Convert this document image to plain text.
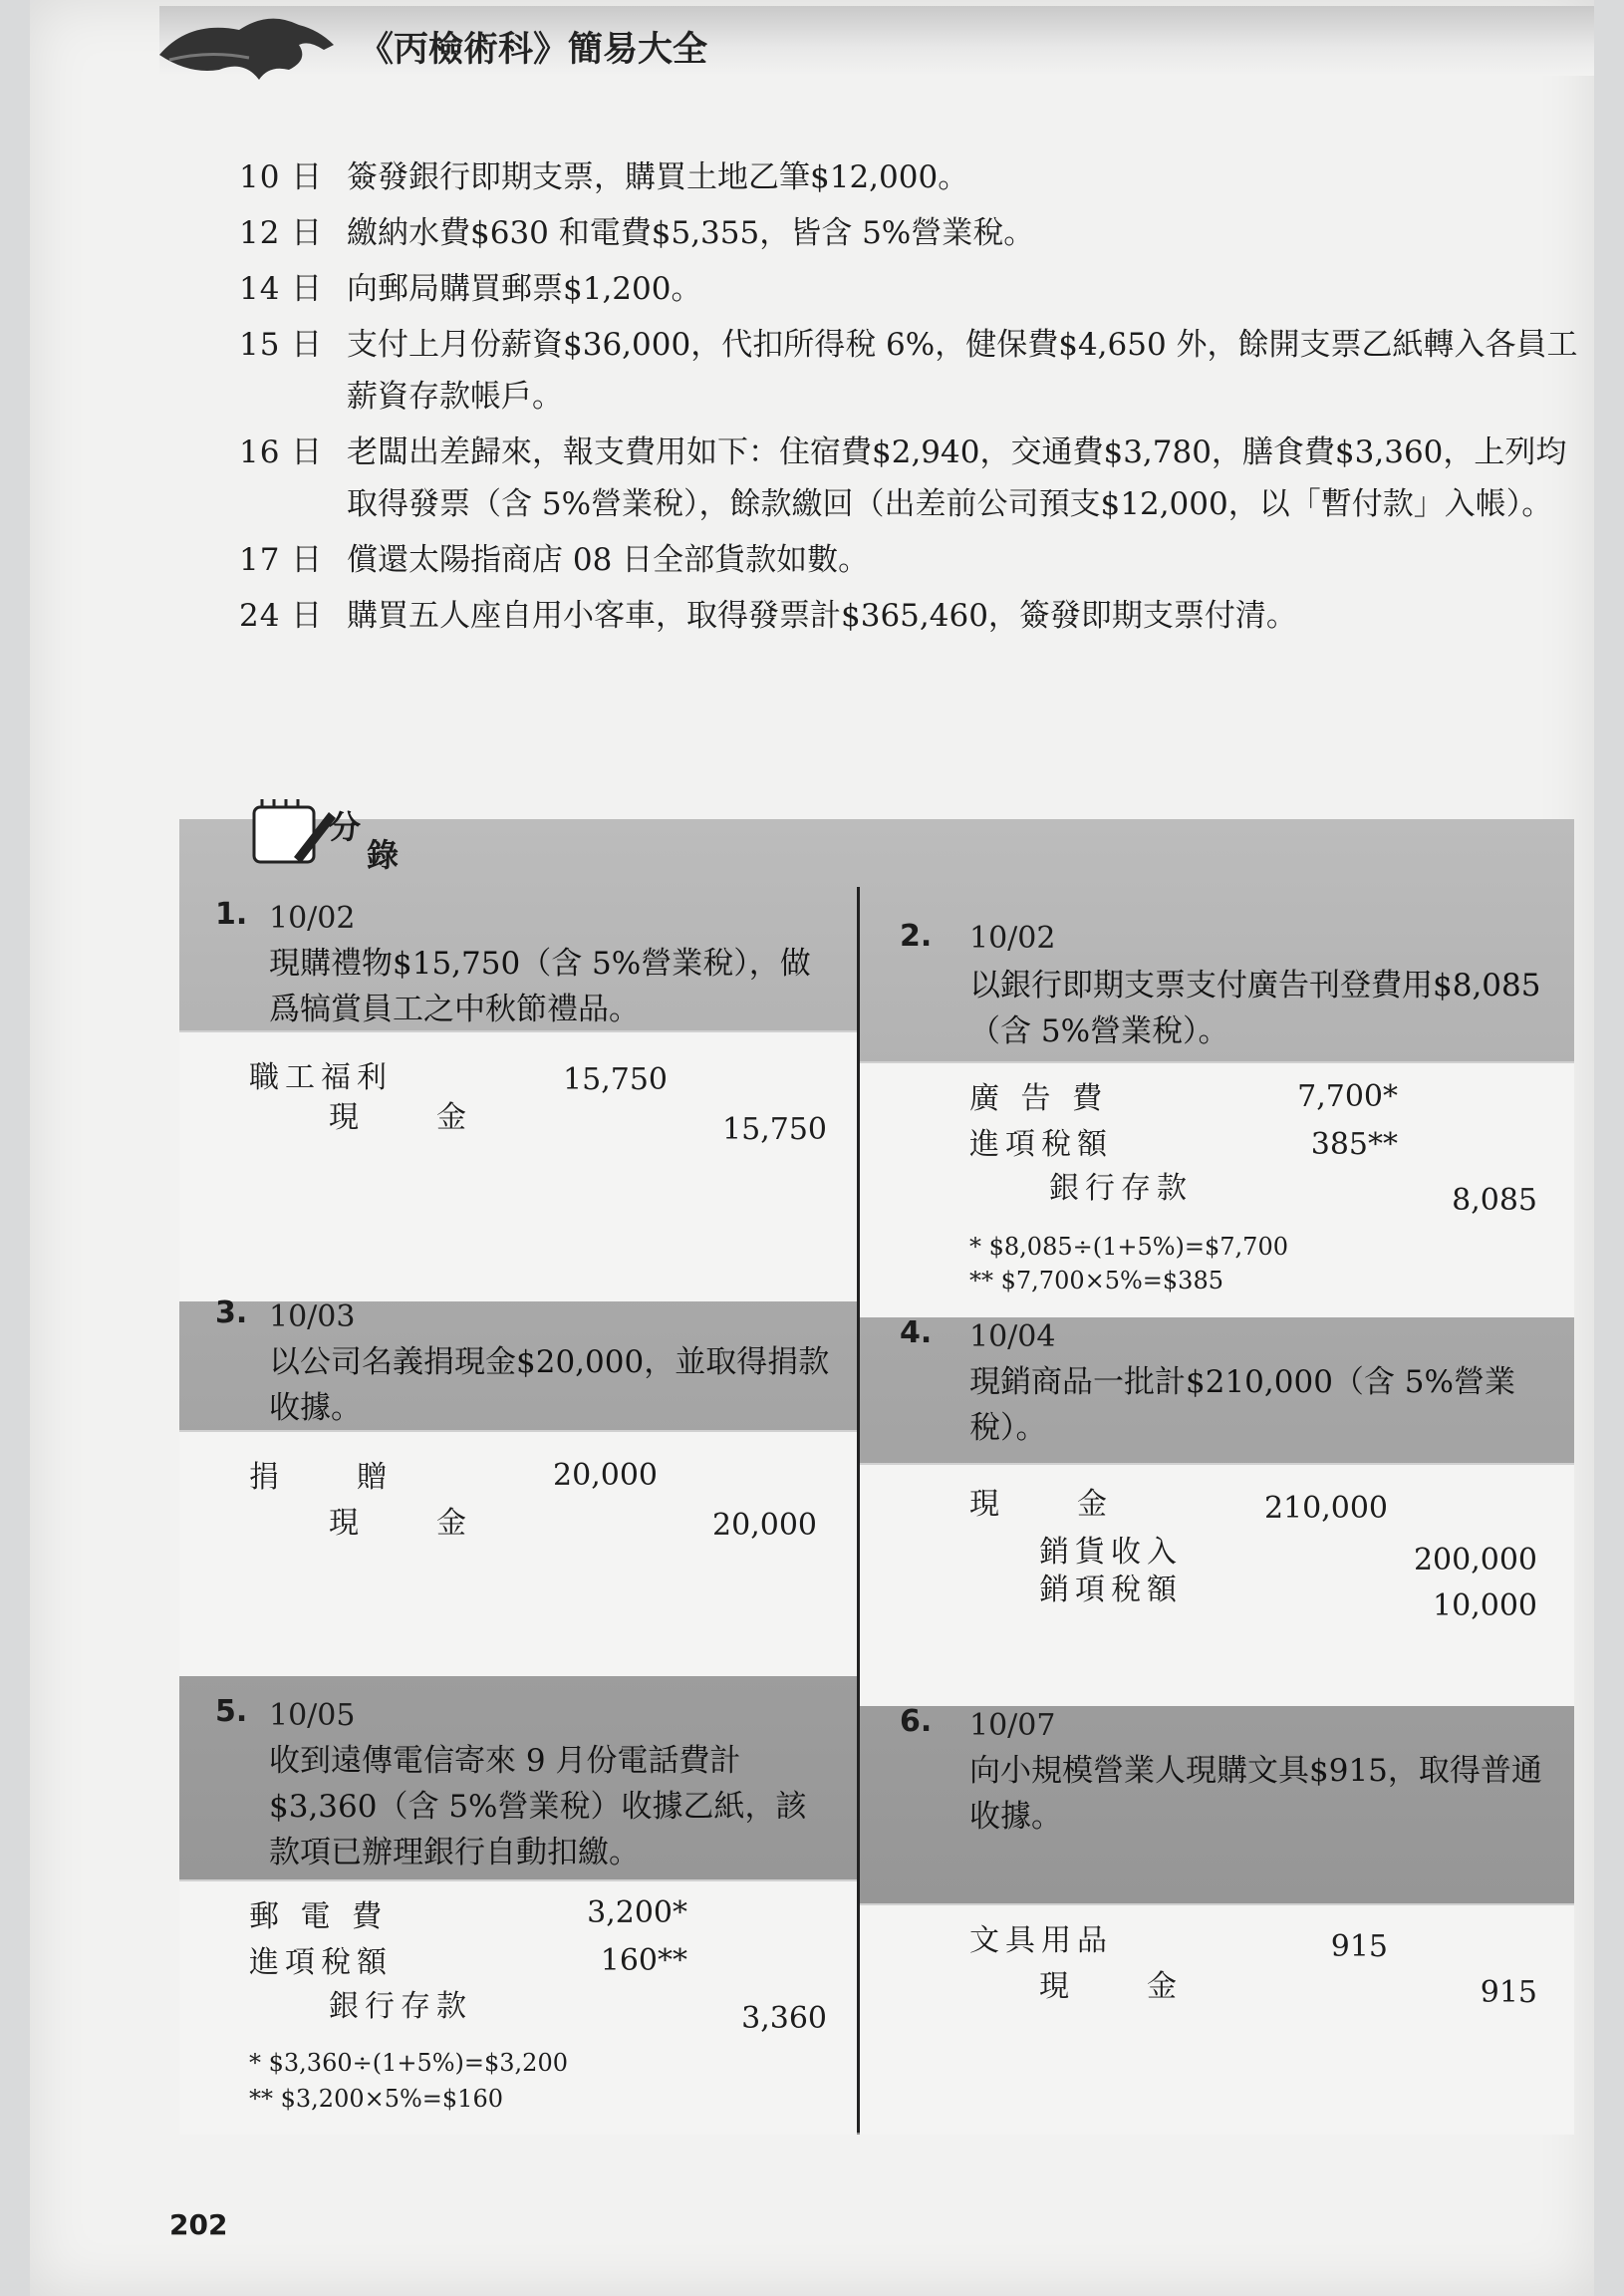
《丙檢術科》簡易大全
10 日 簽發銀行即期支票，購買土地乙筆$12,000。
12 日 繳納水費$630 和電費$5,355，皆含 5%營業稅。
14 日 向郵局購買郵票$1,200。
15 日 支付上月份薪資$36,000，代扣所得稅 6%，健保費$4,650 外，餘開支票乙紙轉入各員工薪資存款帳戶。
16 日 老闆出差歸來，報支費用如下：住宿費$2,940，交通費$3,780，膳食費$3,360，上列均取得發票（含 5%營業稅），餘款繳回（出差前公司預支$12,000，以「暫付款」入帳）。
17 日 償還太陽指商店 08 日全部貨款如數。
24 日 購買五人座自用小客車，取得發票計$365,460，簽發即期支票付清。
分
錄
1. 10/02
現購禮物$15,750（含 5%營業稅），做爲犒賞員工之中秋節禮品。
職工福利	15,750
現　　金	15,750
2. 10/02
以銀行即期支票支付廣告刊登費用$8,085（含 5%營業稅）。
廣 告 費	7,700*
進項稅額	385**
銀行存款	8,085
* $8,085÷(1+5%)=$7,700
** $7,700×5%=$385
3. 10/03
以公司名義捐現金$20,000，並取得捐款收據。
捐　　贈	20,000
現　　金	20,000
4. 10/04
現銷商品一批計$210,000（含 5%營業稅）。
現　　金	210,000
銷貨收入	200,000
銷項稅額	10,000
5. 10/05
收到遠傳電信寄來 9 月份電話費計$3,360（含 5%營業稅）收據乙紙，該款項已辦理銀行自動扣繳。
郵 電 費	3,200*
進項稅額	160**
銀行存款	3,360
* $3,360÷(1+5%)=$3,200
** $3,200×5%=$160
6. 10/07
向小規模營業人現購文具$915，取得普通收據。
文具用品	915
現　　金	915
202
